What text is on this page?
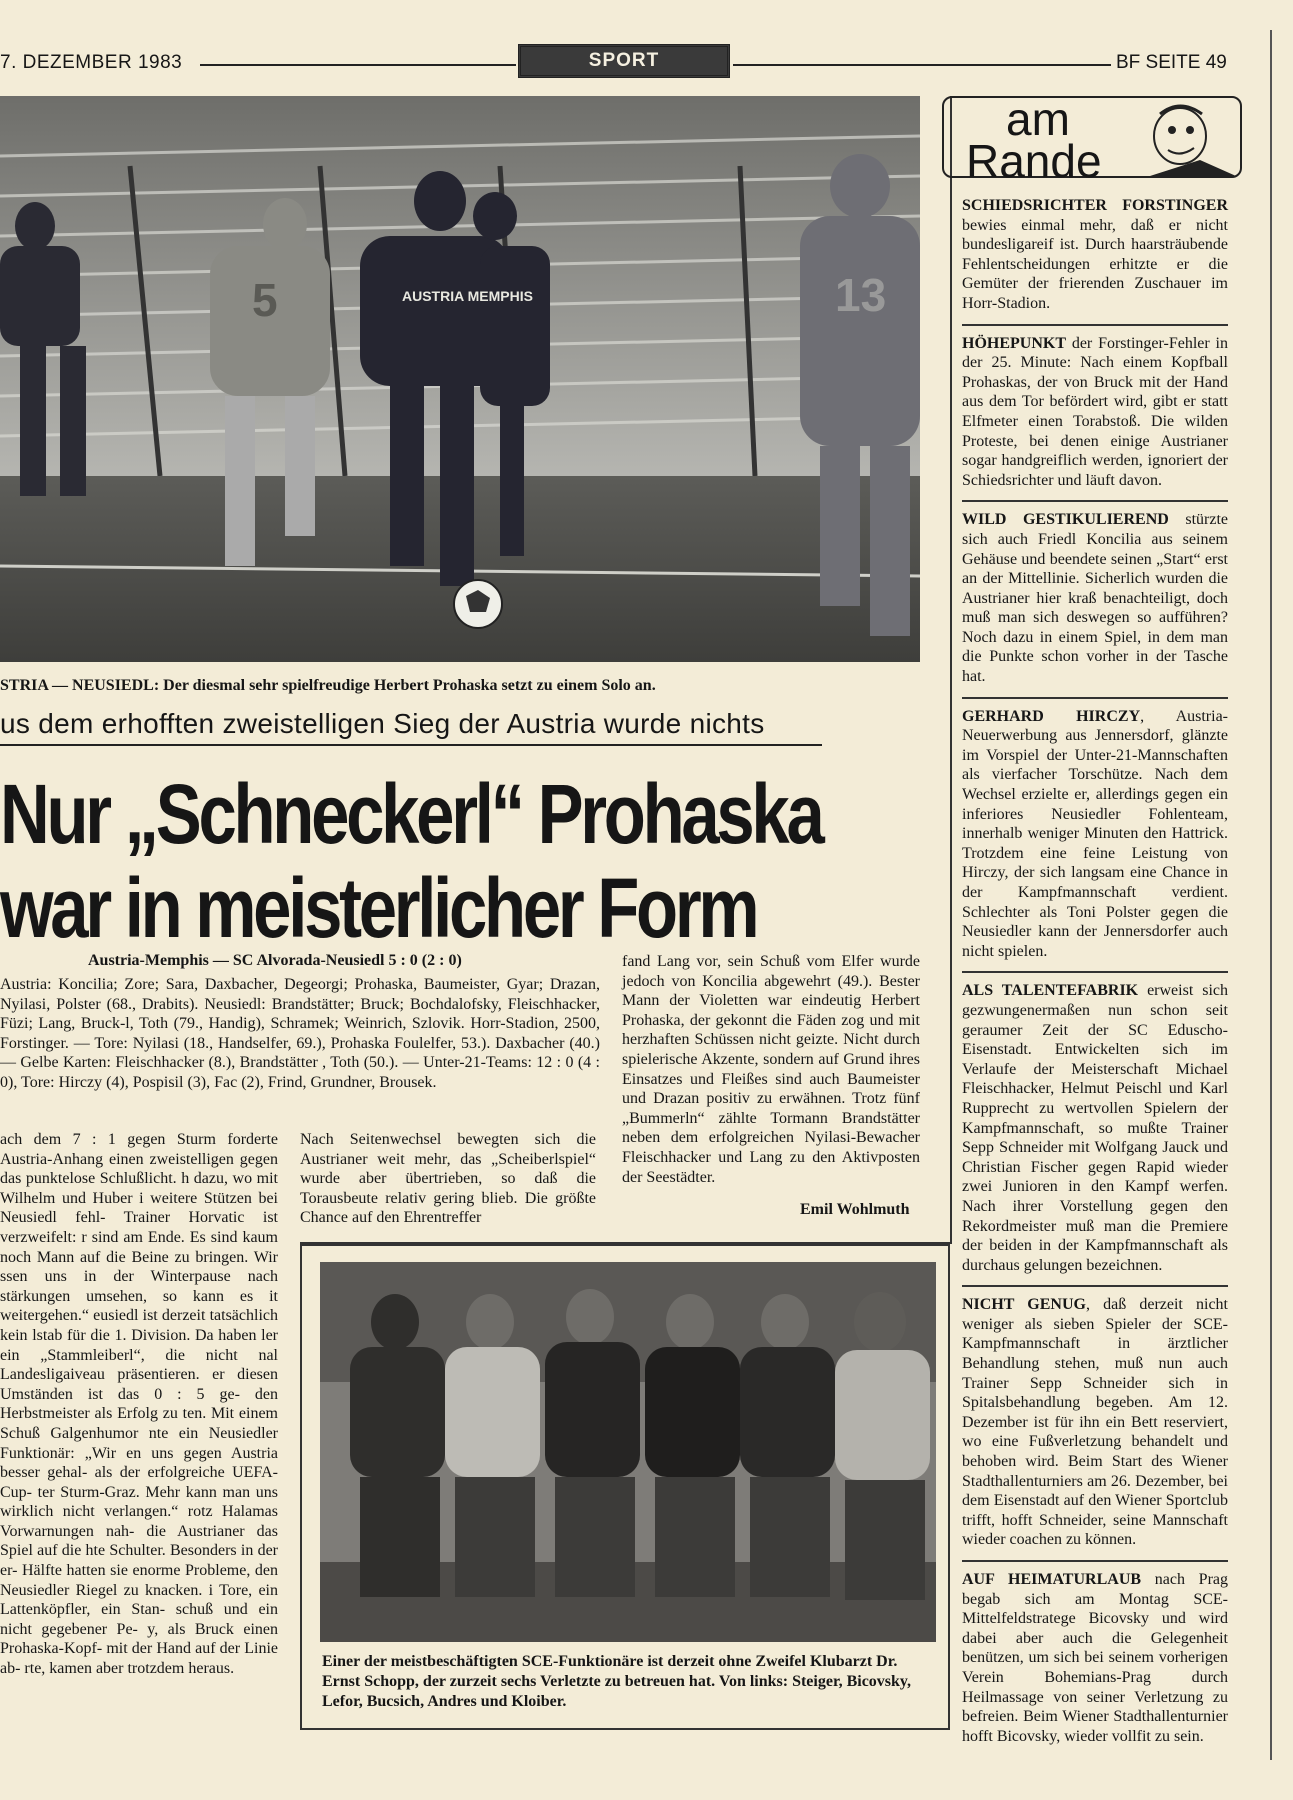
7. DEZEMBER 1983	SPORT	BF SEITE 49
AUSTRIA MEMPHIS
5	13
STRIA — NEUSIEDL: Der diesmal sehr spielfreudige Herbert Prohaska setzt zu einem Solo an.
us dem erhofften zweistelligen Sieg der Austria wurde nichts
Nur „Schneckerl“ Prohaska
war in meisterlicher Form
Austria-Memphis — SC Alvorada-Neusiedl 5 : 0 (2 : 0)
Austria: Koncilia; Zore; Sara, Daxbacher, Degeorgi; Prohaska, Baumeister, Gyar; Drazan, Nyilasi, Polster (68., Drabits). Neusiedl: Brandstätter; Bruck; Bochdalofsky, Fleischhacker, Füzi; Lang, Bruck-l, Toth (79., Handig), Schramek; Weinrich, Szlovik. Horr-Stadion, 2500, Forstinger. — Tore: Nyilasi (18., Handselfer, 69.), Prohaska Foulelfer, 53.). Daxbacher (40.) — Gelbe Karten: Fleischhacker (8.), Brandstätter , Toth (50.). — Unter-21-Teams: 12 : 0 (4 : 0), Tore: Hirczy (4), Pospisil (3), Fac (2), Frind, Grundner, Brousek.
ach dem 7 : 1 gegen Sturm forderte Austria-Anhang einen zweistelligen gegen das punktelose Schlußlicht. h dazu, wo mit Wilhelm und Huber i weitere Stützen bei Neusiedl fehl- Trainer Horvatic ist verzweifelt: r sind am Ende. Es sind kaum noch Mann auf die Beine zu bringen. Wir ssen uns in der Winterpause nach stärkungen umsehen, so kann es it weitergehen.“ eusiedl ist derzeit tatsächlich kein lstab für die 1. Division. Da haben ler ein „Stammleiberl“, die nicht nal Landesligaiveau präsentieren. er diesen Umständen ist das 0 : 5 ge- den Herbstmeister als Erfolg zu ten. Mit einem Schuß Galgenhumor nte ein Neusiedler Funktionär: „Wir en uns gegen Austria besser gehal- als der erfolgreiche UEFA-Cup- ter Sturm-Graz. Mehr kann man uns wirklich nicht verlangen.“ rotz Halamas Vorwarnungen nah- die Austrianer das Spiel auf die hte Schulter. Besonders in der er- Hälfte hatten sie enorme Probleme, den Neusiedler Riegel zu knacken. i Tore, ein Lattenköpfler, ein Stan- schuß und ein nicht gegebener Pe- y, als Bruck einen Prohaska-Kopf- mit der Hand auf der Linie ab- rte, kamen aber trotzdem heraus.
Nach Seitenwechsel bewegten sich die Austrianer weit mehr, das „Scheiberlspiel“ wurde aber übertrieben, so daß die Torausbeute relativ gering blieb. Die größte Chance auf den Ehrentreffer
fand Lang vor, sein Schuß vom Elfer wurde jedoch von Koncilia abgewehrt (49.). Bester Mann der Violetten war eindeutig Herbert Prohaska, der gekonnt die Fäden zog und mit herzhaften Schüssen nicht geizte. Nicht durch spielerische Akzente, sondern auf Grund ihres Einsatzes und Fleißes sind auch Baumeister und Drazan positiv zu erwähnen. Trotz fünf „Bummerln“ zählte Tormann Brandstätter neben dem erfolgreichen Nyilasi-Bewacher Fleischhacker und Lang zu den Aktivposten der Seestädter.
Emil Wohlmuth
Einer der meistbeschäftigten SCE-Funktionäre ist derzeit ohne Zweifel Klubarzt Dr. Ernst Schopp, der zurzeit sechs Verletzte zu betreuen hat. Von links: Steiger, Bicovsky, Lefor, Bucsich, Andres und Kloiber.
am
Rande

SCHIEDSRICHTER FORSTINGER bewies einmal mehr, daß er nicht bundesligareif ist. Durch haarsträubende Fehlentscheidungen erhitzte er die Gemüter der frierenden Zuschauer im Horr-Stadion.

HÖHEPUNKT der Forstinger-Fehler in der 25. Minute: Nach einem Kopfball Prohaskas, der von Bruck mit der Hand aus dem Tor befördert wird, gibt er statt Elfmeter einen Torabstoß. Die wilden Proteste, bei denen einige Austrianer sogar handgreiflich werden, ignoriert der Schiedsrichter und läuft davon.

WILD GESTIKULIEREND stürzte sich auch Friedl Koncilia aus seinem Gehäuse und beendete seinen „Start“ erst an der Mittellinie. Sicherlich wurden die Austrianer hier kraß benachteiligt, doch muß man sich deswegen so aufführen? Noch dazu in einem Spiel, in dem man die Punkte schon vorher in der Tasche hat.

GERHARD HIRCZY, Austria-Neuerwerbung aus Jennersdorf, glänzte im Vorspiel der Unter-21-Mannschaften als vierfacher Torschütze. Nach dem Wechsel erzielte er, allerdings gegen ein inferiores Neusiedler Fohlenteam, innerhalb weniger Minuten den Hattrick. Trotzdem eine feine Leistung von Hirczy, der sich langsam eine Chance in der Kampfmannschaft verdient. Schlechter als Toni Polster gegen die Neusiedler kann der Jennersdorfer auch nicht spielen.

ALS TALENTEFABRIK erweist sich gezwungenermaßen nun schon seit geraumer Zeit der SC Eduscho-Eisenstadt. Entwickelten sich im Verlaufe der Meisterschaft Michael Fleischhacker, Helmut Peischl und Karl Rupprecht zu wertvollen Spielern der Kampfmannschaft, so mußte Trainer Sepp Schneider mit Wolfgang Jauck und Christian Fischer gegen Rapid wieder zwei Junioren in den Kampf werfen. Nach ihrer Vorstellung gegen den Rekordmeister muß man die Premiere der beiden in der Kampfmannschaft als durchaus gelungen bezeichnen.

NICHT GENUG, daß derzeit nicht weniger als sieben Spieler der SCE-Kampfmannschaft in ärztlicher Behandlung stehen, muß nun auch Trainer Sepp Schneider sich in Spitalsbehandlung begeben. Am 12. Dezember ist für ihn ein Bett reserviert, wo eine Fußverletzung behandelt und behoben wird. Beim Start des Wiener Stadthallenturniers am 26. Dezember, bei dem Eisenstadt auf den Wiener Sportclub trifft, hofft Schneider, seine Mannschaft wieder coachen zu können.

AUF HEIMATURLAUB nach Prag begab sich am Montag SCE-Mittelfeldstratege Bicovsky und wird dabei aber auch die Gelegenheit benützen, um sich bei seinem vorherigen Verein Bohemians-Prag durch Heilmassage von seiner Verletzung zu befreien. Beim Wiener Stadthallenturnier hofft Bicovsky, wieder vollfit zu sein.
